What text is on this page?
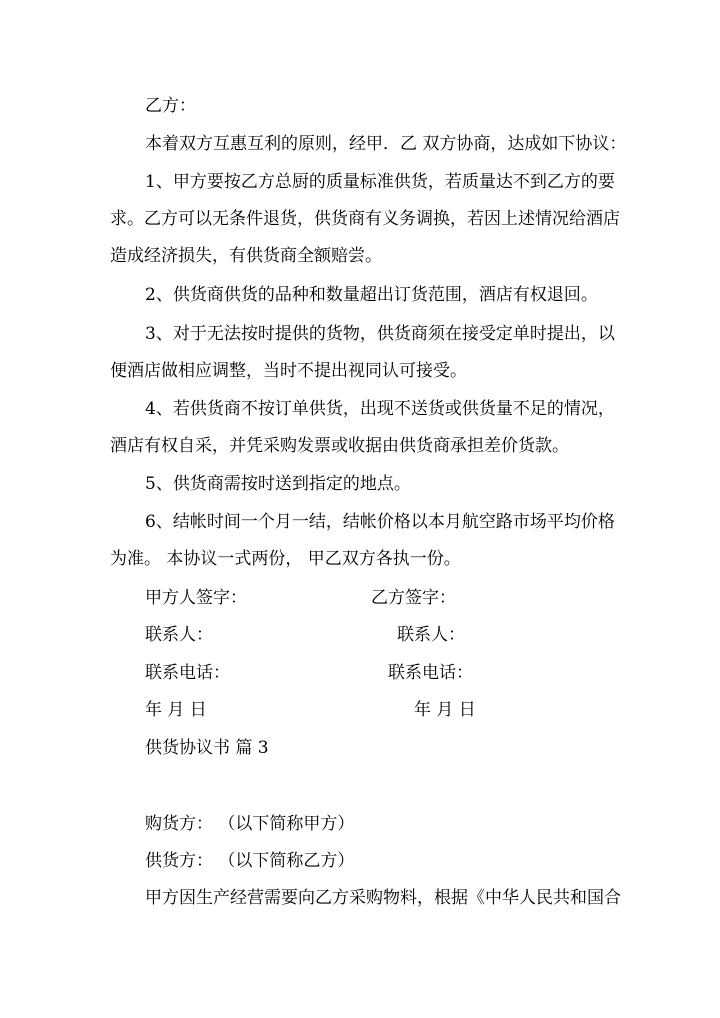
乙方：
本着双方互惠互利的原则，经甲．乙 双方协商，达成如下协议：
1、甲方要按乙方总厨的质量标准供货，若质量达不到乙方的要
求。乙方可以无条件退货，供货商有义务调换，若因上述情况给酒店
造成经济损失，有供货商全额赔尝。
2、供货商供货的品种和数量超出订货范围，酒店有权退回。
3、对于无法按时提供的货物，供货商须在接受定单时提出，以
便酒店做相应调整，当时不提出视同认可接受。
4、若供货商不按订单供货，出现不送货或供货量不足的情况，
酒店有权自采，并凭采购发票或收据由供货商承担差价货款。
5、供货商需按时送到指定的地点。
6、结帐时间一个月一结，结帐价格以本月航空路市场平均价格
为准。 本协议一式两份， 甲乙双方各执一份。
甲方人签字：	乙方签字：
联系人：	联系人：
联系电话：	联系电话：
年 月 日	年 月 日
供货协议书 篇 3
购货方： （以下简称甲方）
供货方： （以下简称乙方）
甲方因生产经营需要向乙方采购物料，根据《中华人民共和国合
